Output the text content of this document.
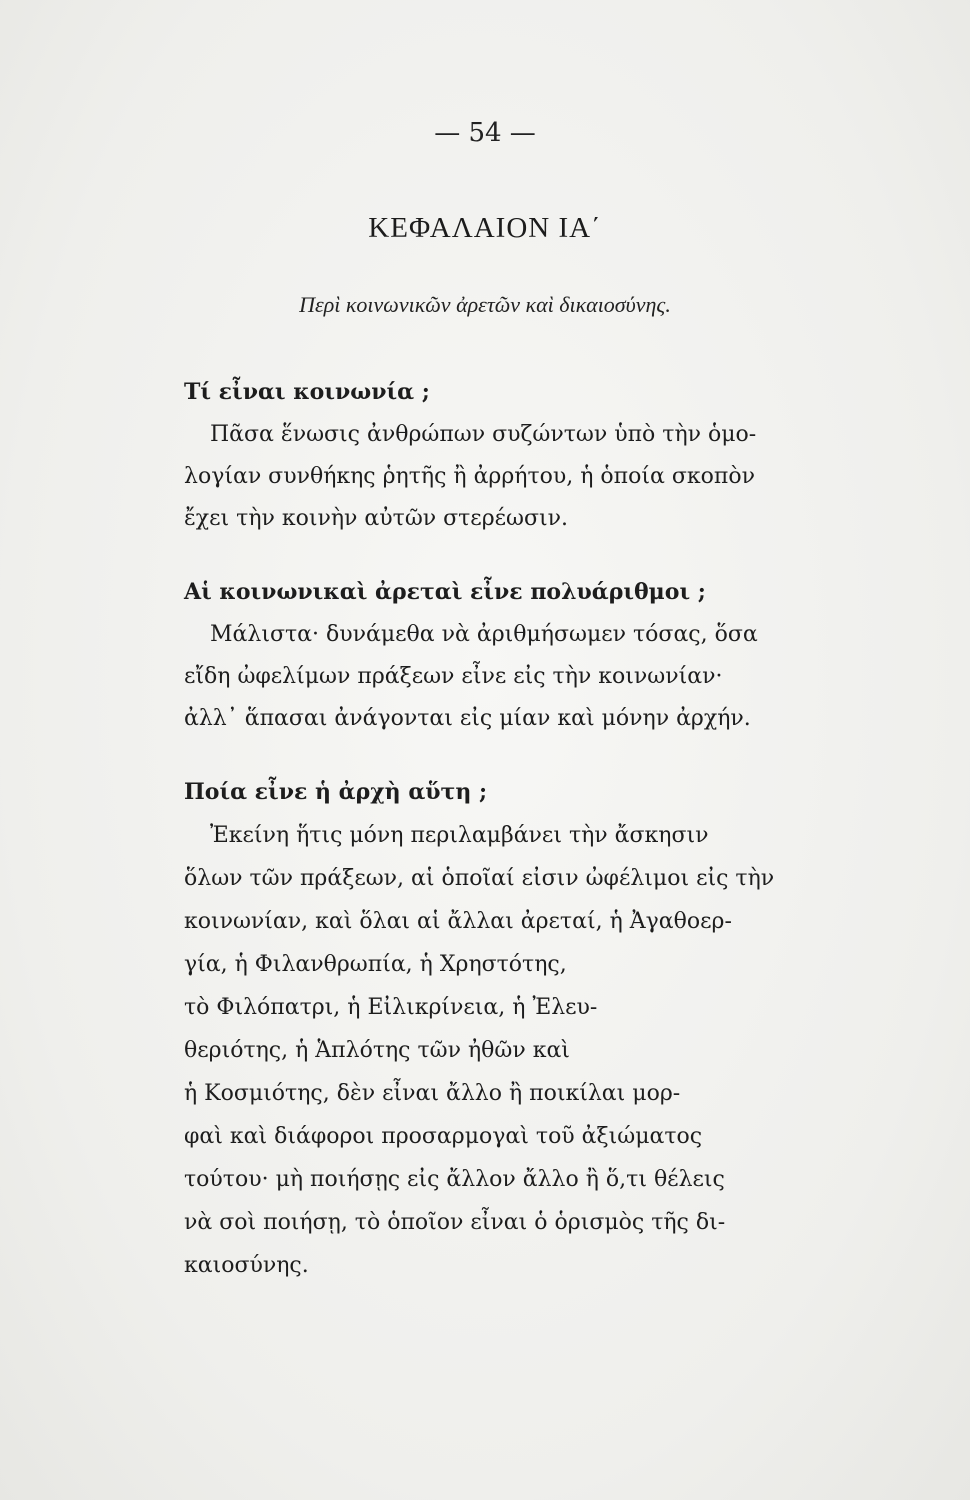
— 54 —
ΚΕΦΑΛΑΙΟΝ ΙΑ΄
Περὶ κοινωνικῶν ἀρετῶν καὶ δικαιοσύνης.
Τί εἶναι κοινωνία ;
Πᾶσα ἕνωσις ἀνθρώπων συζώντων ὑπὸ τὴν ὁμο-
λογίαν συνθήκης ῥητῆς ἢ ἀρρήτου, ἡ ὁποία σκοπὸν
ἔχει τὴν κοινὴν αὐτῶν στερέωσιν.
Αἱ κοινωνικαὶ ἀρεταὶ εἶνε πολυάριθμοι ;
Μάλιστα· δυνάμεθα νὰ ἀριθμήσωμεν τόσας, ὅσα
εἴδη ὠφελίμων πράξεων εἶνε εἰς τὴν κοινωνίαν·
ἀλλ᾽ ἅπασαι ἀνάγονται εἰς μίαν καὶ μόνην ἀρχήν.
Ποία εἶνε ἡ ἀρχὴ αὕτη ;
Ἐκείνη ἥτις μόνη περιλαμβάνει τὴν ἄσκησιν
ὅλων τῶν πράξεων, αἱ ὁποῖαί εἰσιν ὠφέλιμοι εἰς τὴν
κοινωνίαν, καὶ ὅλαι αἱ ἄλλαι ἀρεταί, ἡ Ἀγαθοερ-
γία, ἡ Φιλανθρωπία, ἡ Χρηστότης,
τὸ Φιλόπατρι, ἡ Εἰλικρίνεια, ἡ Ἐλευ-
θεριότης, ἡ Ἁπλότης τῶν ἠθῶν καὶ
ἡ Κοσμιότης, δὲν εἶναι ἄλλο ἢ ποικίλαι μορ-
φαὶ καὶ διάφοροι προσαρμογαὶ τοῦ ἀξιώματος
τούτου· μὴ ποιήσῃς εἰς ἄλλον ἄλλο ἢ ὅ,τι θέλεις
νὰ σοὶ ποιήσῃ, τὸ ὁποῖον εἶναι ὁ ὁρισμὸς τῆς δι-
καιοσύνης.
